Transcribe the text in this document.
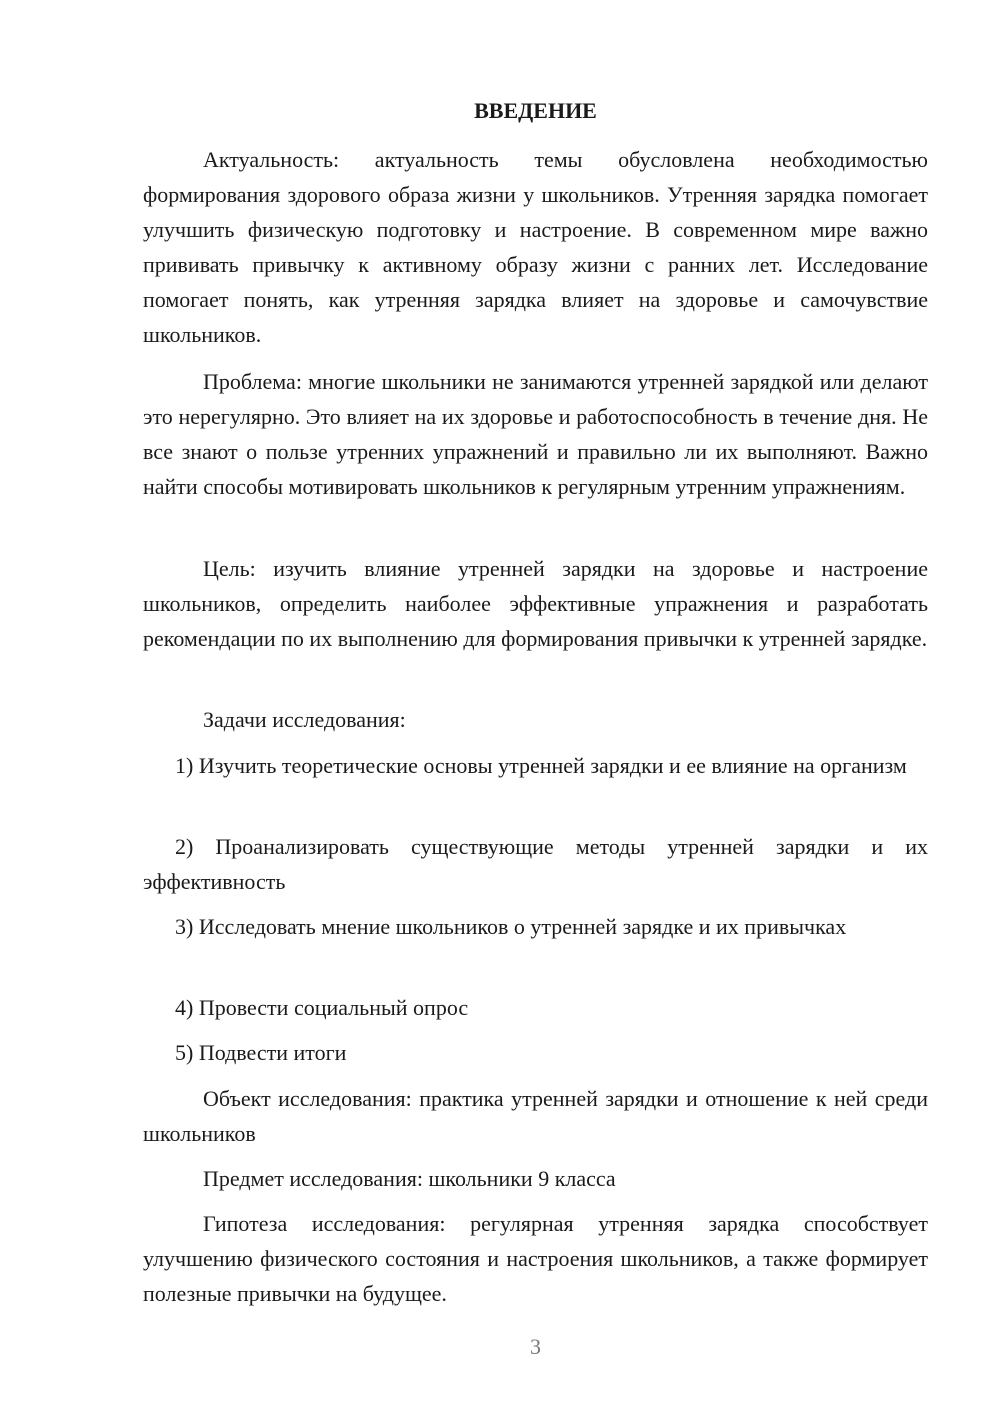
ВВЕДЕНИЕ

Актуальность: актуальность темы обусловлена необходимостью формирования здорового образа жизни у школьников. Утренняя зарядка помогает улучшить физическую подготовку и настроение. В современном мире важно прививать привычку к активному образу жизни с ранних лет. Исследование помогает понять, как утренняя зарядка влияет на здоровье и самочувствие школьников.

Проблема: многие школьники не занимаются утренней зарядкой или делают это нерегулярно. Это влияет на их здоровье и работоспособность в течение дня. Не все знают о пользе утренних упражнений и правильно ли их выполняют. Важно найти способы мотивировать школьников к регулярным утренним упражнениям.

Цель: изучить влияние утренней зарядки на здоровье и настроение школьников, определить наиболее эффективные упражнения и разработать рекомендации по их выполнению для формирования привычки к утренней зарядке.

Задачи исследования:

1) Изучить теоретические основы утренней зарядки и ее влияние на организм

2) Проанализировать существующие методы утренней зарядки и их эффективность

3) Исследовать мнение школьников о утренней зарядке и их привычках

4) Провести социальный опрос

5) Подвести итоги

Объект исследования: практика утренней зарядки и отношение к ней среди школьников

Предмет исследования: школьники 9 класса

Гипотеза исследования: регулярная утренняя зарядка способствует улучшению физического состояния и настроения школьников, а также формирует полезные привычки на будущее.

3
